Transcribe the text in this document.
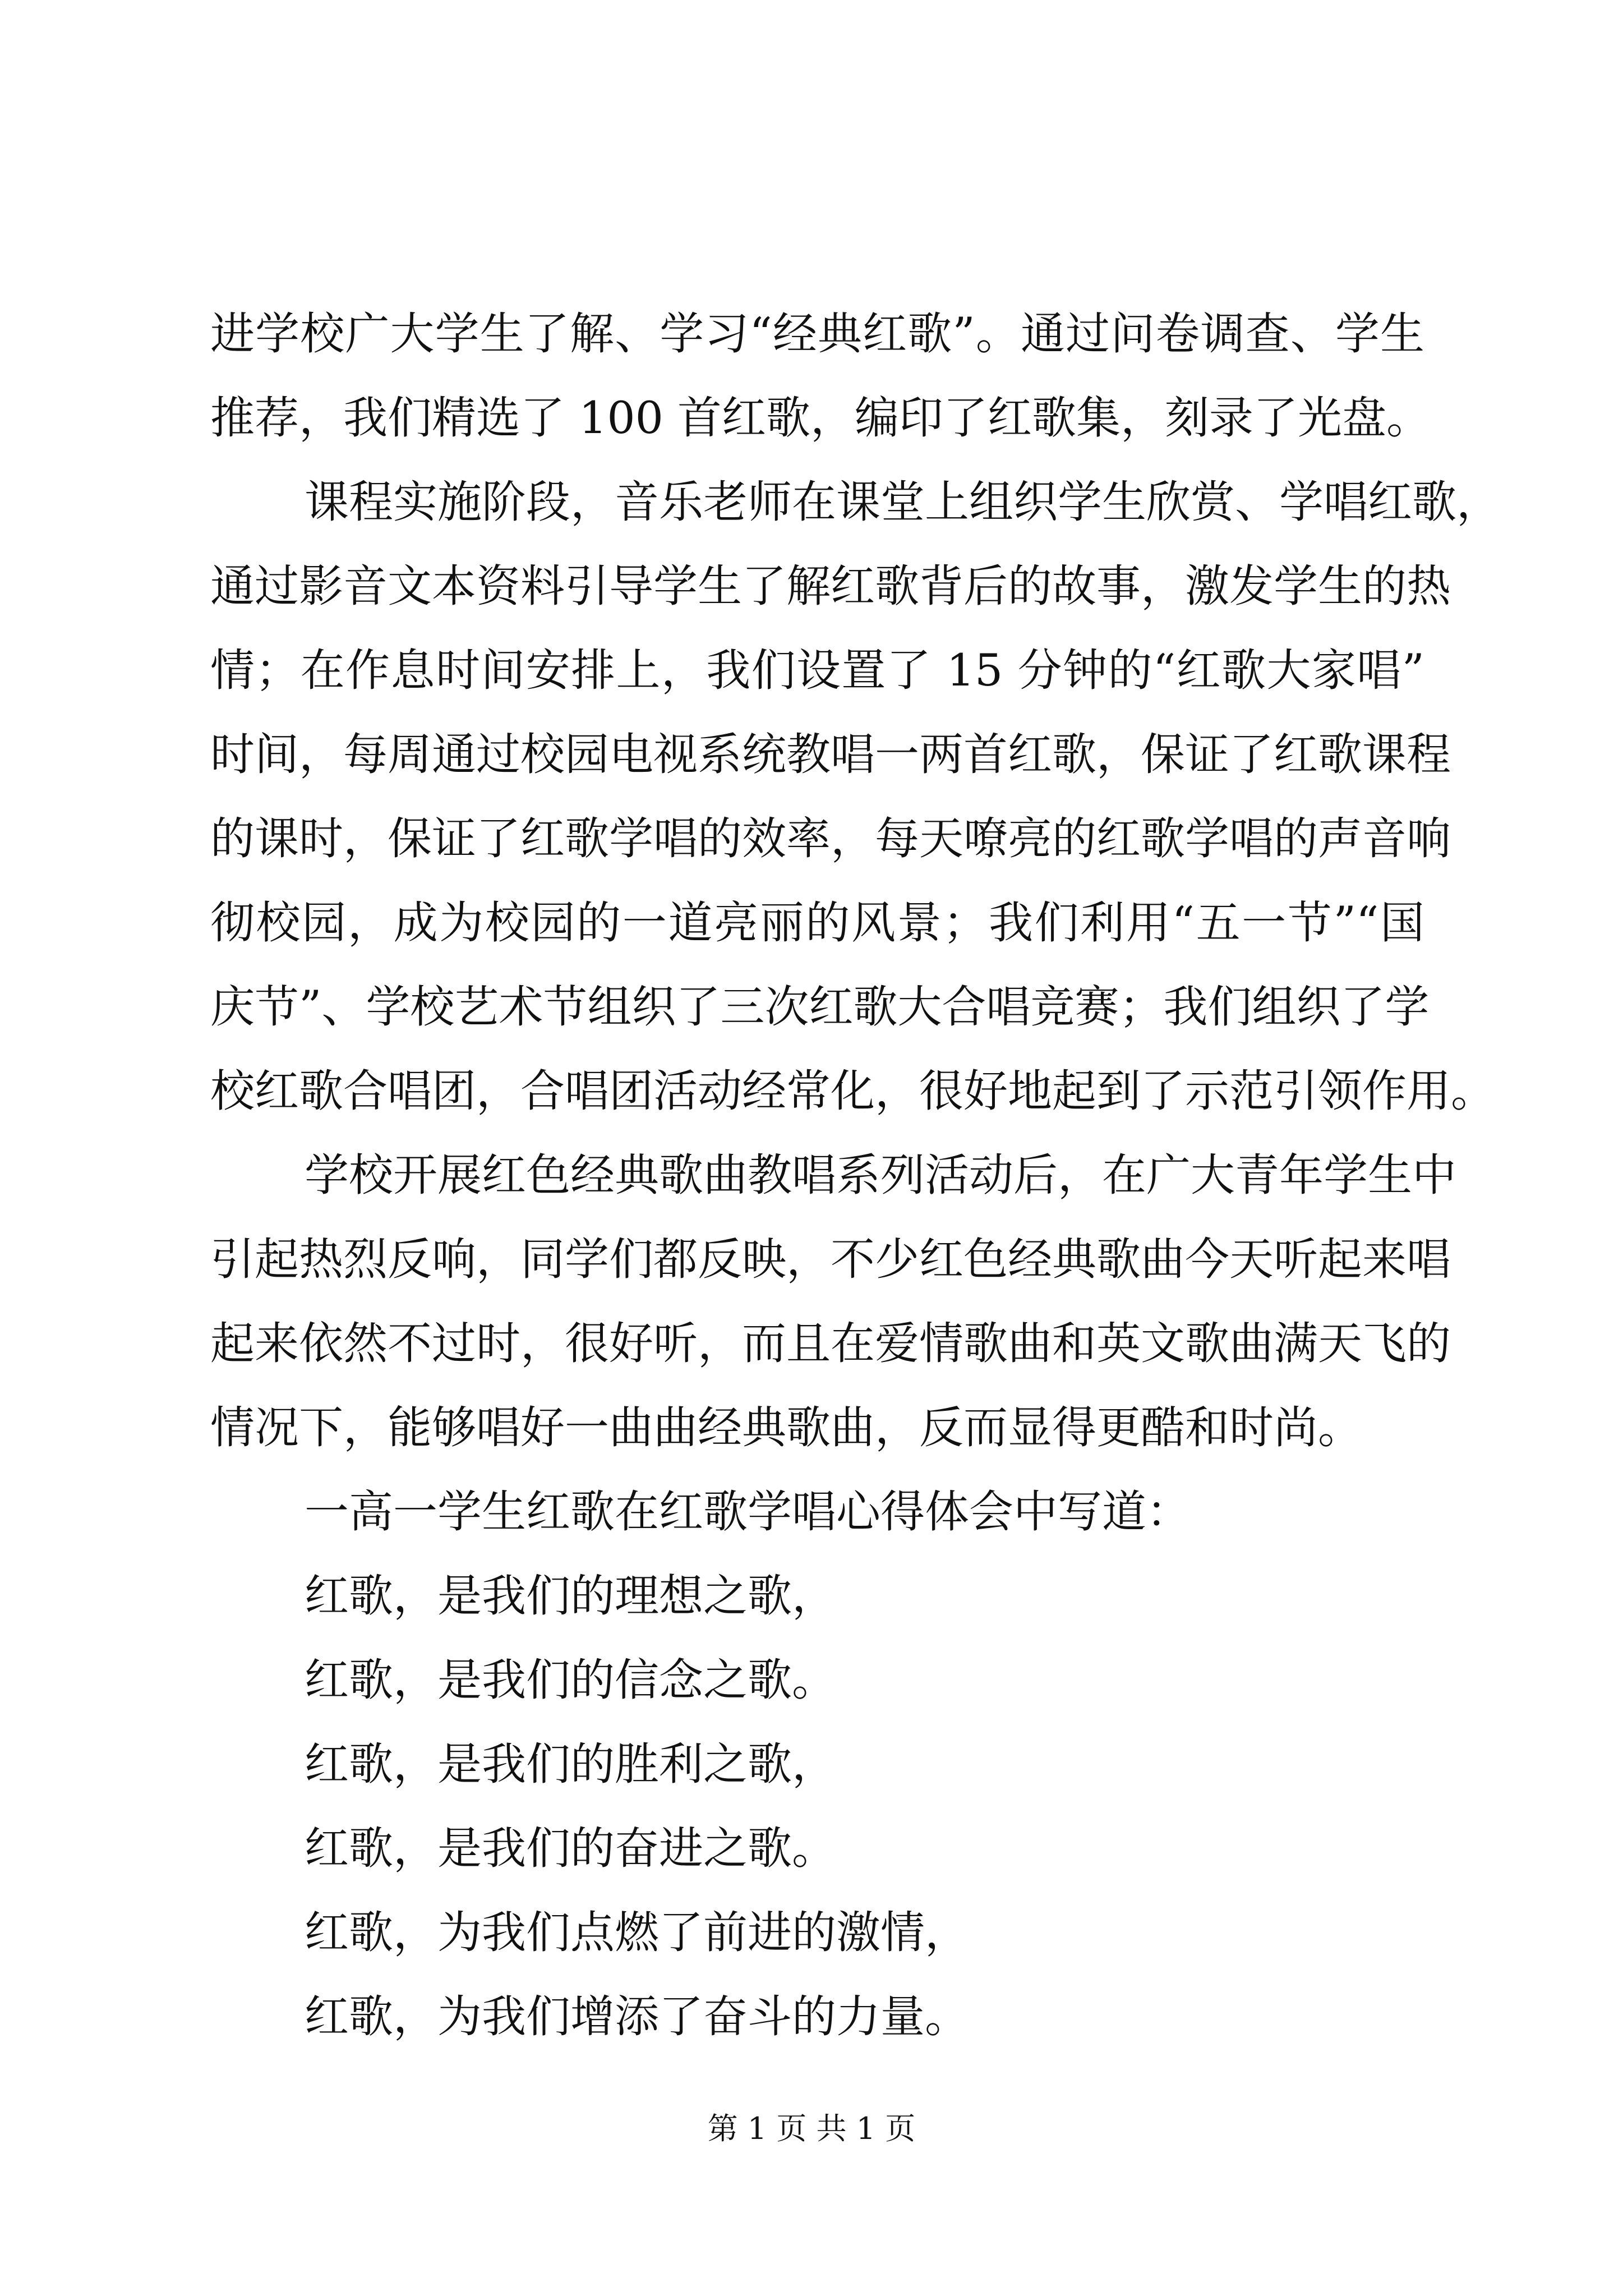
进学校广大学生了解、学习“经典红歌”。通过问卷调查、学生
推荐，我们精选了 100 首红歌，编印了红歌集，刻录了光盘。
课程实施阶段，音乐老师在课堂上组织学生欣赏、学唱红歌，
通过影音文本资料引导学生了解红歌背后的故事，激发学生的热
情；在作息时间安排上，我们设置了 15 分钟的“红歌大家唱”
时间，每周通过校园电视系统教唱一两首红歌，保证了红歌课程
的课时，保证了红歌学唱的效率，每天嘹亮的红歌学唱的声音响
彻校园，成为校园的一道亮丽的风景；我们利用“五一节”“国
庆节”、学校艺术节组织了三次红歌大合唱竞赛；我们组织了学
校红歌合唱团，合唱团活动经常化，很好地起到了示范引领作用。
学校开展红色经典歌曲教唱系列活动后，在广大青年学生中
引起热烈反响，同学们都反映，不少红色经典歌曲今天听起来唱
起来依然不过时，很好听，而且在爱情歌曲和英文歌曲满天飞的
情况下，能够唱好一曲曲经典歌曲，反而显得更酷和时尚。
一高一学生红歌在红歌学唱心得体会中写道：
红歌，是我们的理想之歌，
红歌，是我们的信念之歌。
红歌，是我们的胜利之歌，
红歌，是我们的奋进之歌。
红歌，为我们点燃了前进的激情，
红歌，为我们增添了奋斗的力量。
第 1 页 共 1 页
